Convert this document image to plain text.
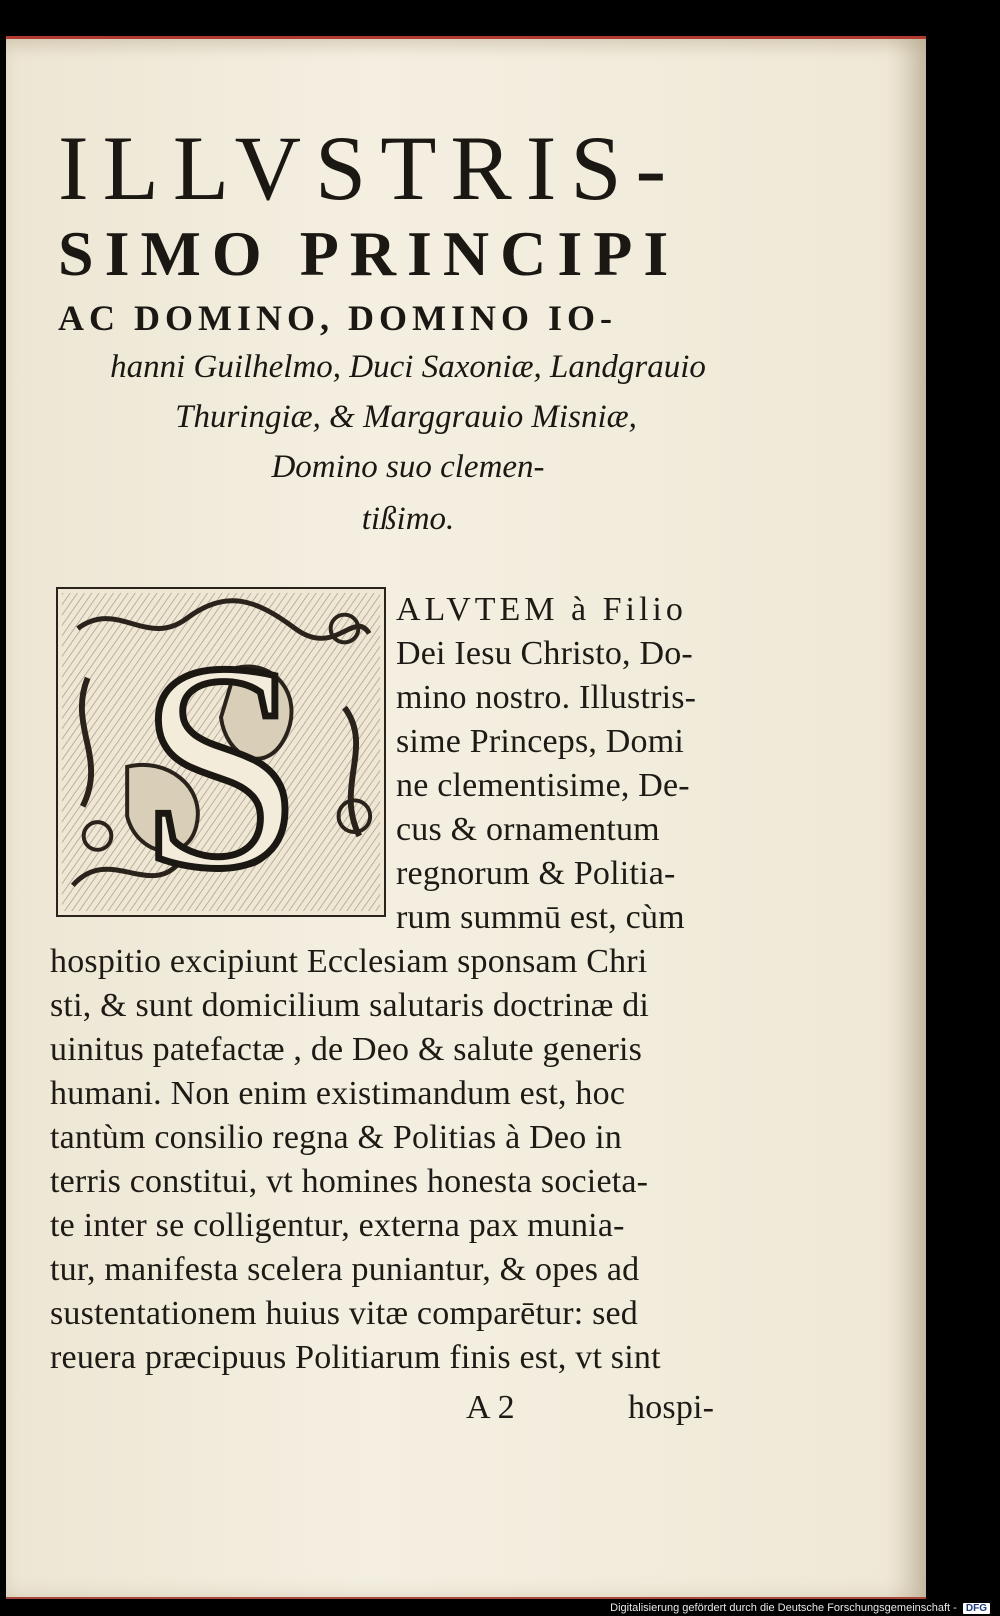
ILLVSTRIS-
SIMO PRINCIPI
AC DOMINO, DOMINO IO-
hanni Guilhelmo, Duci Saxoniæ, Landgrauio
Thuringiæ, & Marggrauio Misniæ,
Domino suo clemen-
tißimo.
S	ALVTEM à Filio
Dei Iesu Christo, Do-
mino nostro. Illustris-
sime Princeps, Domi
ne clementisime, De-
cus & ornamentum
regnorum & Politia-
rum summū est, cùm
hospitio excipiunt Ecclesiam sponsam Chri
sti, & sunt domicilium salutaris doctrinæ di
uinitus patefactæ , de Deo & salute generis
humani. Non enim existimandum est, hoc
tantùm consilio regna & Politias à Deo in
terris constitui, vt homines honesta societa-
te inter se colligentur, externa pax munia-
tur, manifesta scelera puniantur, & opes ad
sustentationem huius vitæ comparētur: sed
reuera præcipuus Politiarum finis est, vt sint
A 2	hospi-
Digitalisierung gefördert durch die Deutsche Forschungsgemeinschaft - DFG
